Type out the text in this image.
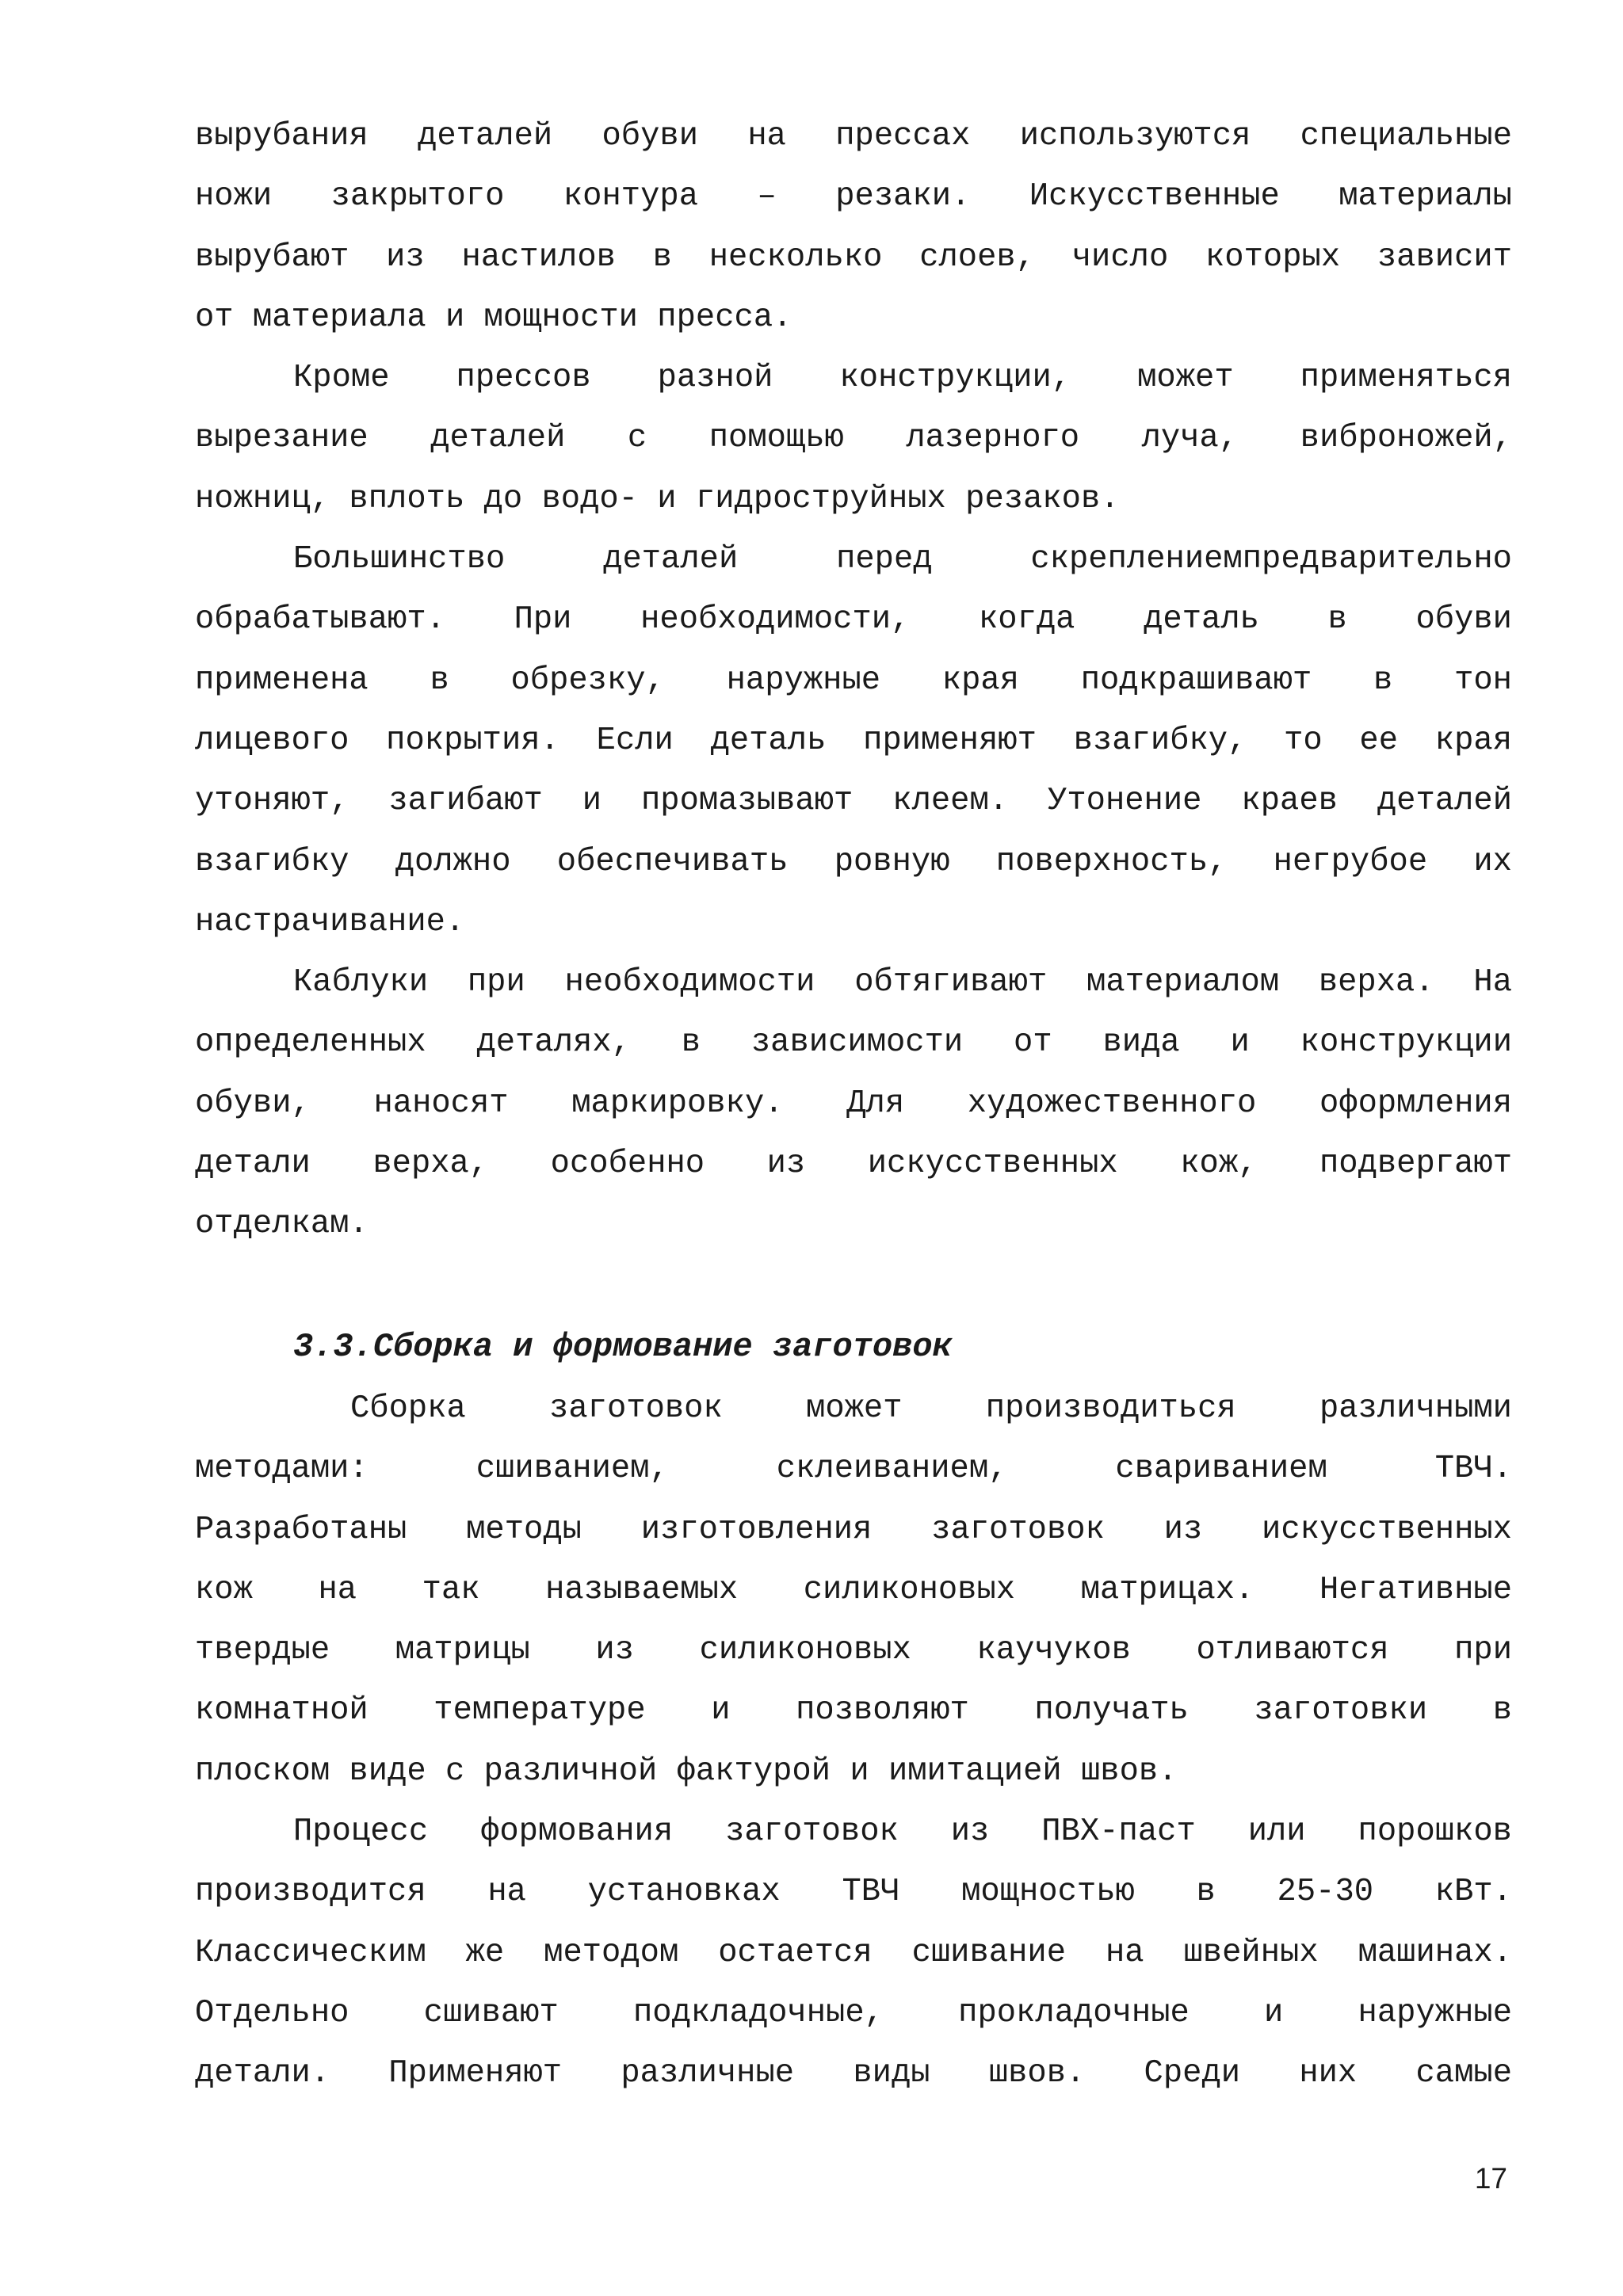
вырубания деталей обуви на прессах используются специальные
ножи закрытого контура – резаки. Искусственные материалы
вырубают из настилов в несколько слоев, число которых зависит
от материала и мощности пресса.
Кроме прессов разной конструкции, может применяться
вырезание деталей с помощью лазерного луча, виброножей,
ножниц, вплоть до водо- и гидроструйных резаков.
Большинство деталей перед скреплениемпредварительно
обрабатывают. При необходимости, когда деталь в обуви
применена в обрезку, наружные края подкрашивают в тон
лицевого покрытия. Если деталь применяют взагибку, то ее края
утоняют, загибают и промазывают клеем. Утонение краев деталей
взагибку должно обеспечивать ровную поверхность, негрубое их
настрачивание.
Каблуки при необходимости обтягивают материалом верха. На
определенных деталях, в зависимости от вида и конструкции
обуви, наносят маркировку. Для художественного оформления
детали верха, особенно из искусственных кож, подвергают
отделкам.
3.3.Сборка и формование заготовок
Сборка заготовок может производиться различными
методами: сшиванием, склеиванием, свариванием ТВЧ.
Разработаны методы изготовления заготовок из искусственных
кож на так называемых силиконовых матрицах. Негативные
твердые матрицы из силиконовых каучуков отливаются при
комнатной температуре и позволяют получать заготовки в
плоском виде с различной фактурой и имитацией швов.
Процесс формования заготовок из ПВХ-паст или порошков
производится на установках ТВЧ мощностью в 25-30 кВт.
Классическим же методом остается сшивание на швейных машинах.
Отдельно сшивают подкладочные, прокладочные и наружные
детали. Применяют различные виды швов. Среди них самые
17
